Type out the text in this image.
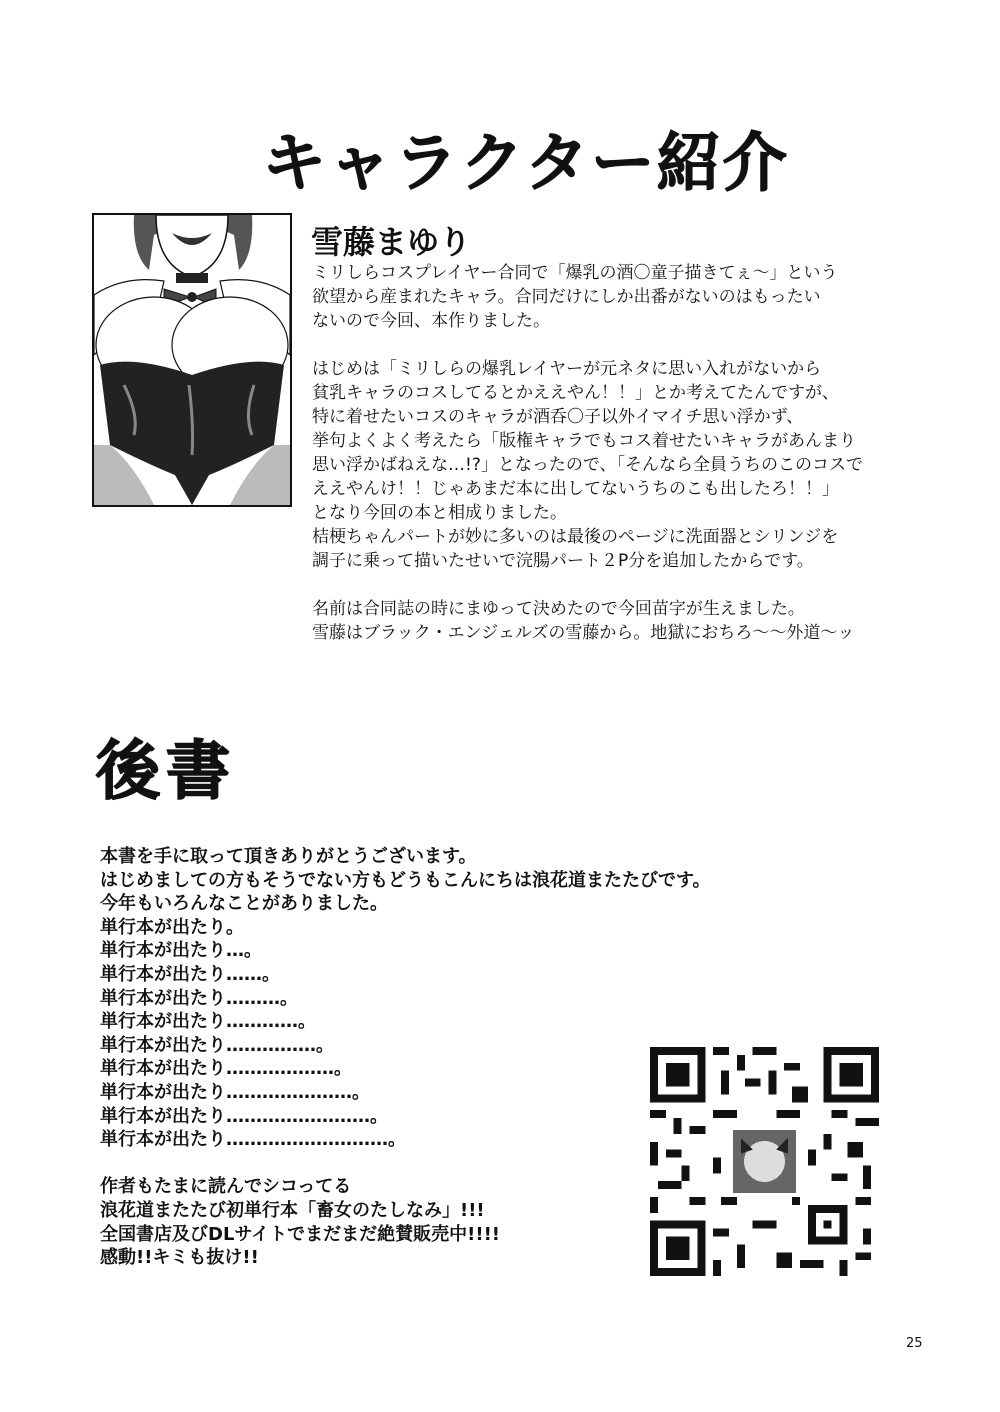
キャラクター紹介
雪藤まゆり

ミリしらコスプレイヤー合同で「爆乳の酒〇童子描きてぇ～」という

欲望から産まれたキャラ。合同だけにしか出番がないのはもったい

ないので今回、本作りました。

はじめは「ミリしらの爆乳レイヤーが元ネタに思い入れがないから

貧乳キャラのコスしてるとかええやん！！」とか考えてたんですが、

特に着せたいコスのキャラが酒呑〇子以外イマイチ思い浮かず、

挙句よくよく考えたら「版権キャラでもコス着せたいキャラがあんまり

思い浮かばねえな…!?」となったので、「そんなら全員うちのこのコスで

ええやんけ！！じゃあまだ本に出してないうちのこも出したろ！！」

となり今回の本と相成りました。

桔梗ちゃんパートが妙に多いのは最後のページに洗面器とシリンジを

調子に乗って描いたせいで浣腸パート２P分を追加したからです。

名前は合同誌の時にまゆって決めたので今回苗字が生えました。

雪藤はブラック・エンジェルズの雪藤から。地獄におちろ～～外道～ッ

後書

本書を手に取って頂きありがとうございます。

はじめましての方もそうでない方もどうもこんにちは浪花道またたびです。

今年もいろんなことがありました。

単行本が出たり。

単行本が出たり…。

単行本が出たり……。

単行本が出たり………。

単行本が出たり…………。

単行本が出たり……………。

単行本が出たり………………。

単行本が出たり…………………。

単行本が出たり……………………。

単行本が出たり………………………。

作者もたまに読んでシコってる

浪花道またたび初単行本「畜女のたしなみ」!!!

全国書店及びDLサイトでまだまだ絶賛販売中!!!!

感動!!キミも抜け!!

25
